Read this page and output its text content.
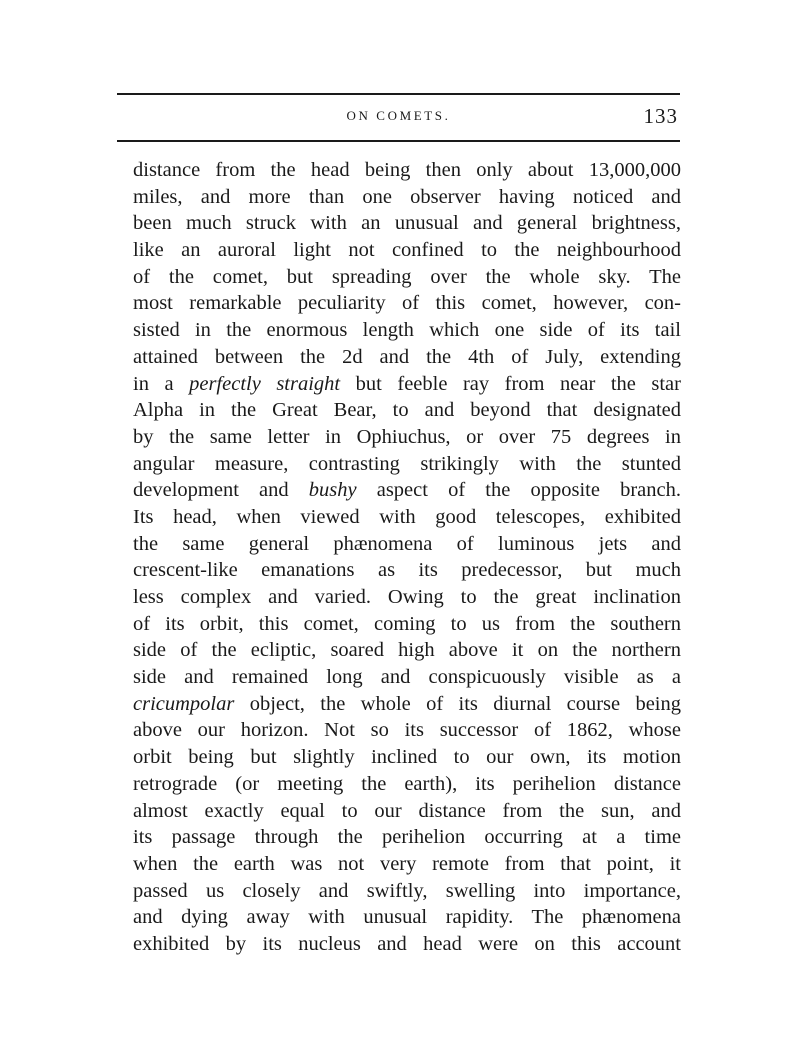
ON COMETS.	133
distance from the head being then only about 13,000,000
miles, and more than one observer having noticed and
been much struck with an unusual and general brightness,
like an auroral light not confined to the neighbourhood
of the comet, but spreading over the whole sky. The
most remarkable peculiarity of this comet, however, con-
sisted in the enormous length which one side of its tail
attained between the 2d and the 4th of July, extending
in a perfectly straight but feeble ray from near the star
Alpha in the Great Bear, to and beyond that designated
by the same letter in Ophiuchus, or over 75 degrees in
angular measure, contrasting strikingly with the stunted
development and bushy aspect of the opposite branch.
Its head, when viewed with good telescopes, exhibited
the same general phænomena of luminous jets and
crescent-like emanations as its predecessor, but much
less complex and varied. Owing to the great inclination
of its orbit, this comet, coming to us from the southern
side of the ecliptic, soared high above it on the northern
side and remained long and conspicuously visible as a
cricumpolar object, the whole of its diurnal course being
above our horizon. Not so its successor of 1862, whose
orbit being but slightly inclined to our own, its motion
retrograde (or meeting the earth), its perihelion distance
almost exactly equal to our distance from the sun, and
its passage through the perihelion occurring at a time
when the earth was not very remote from that point, it
passed us closely and swiftly, swelling into importance,
and dying away with unusual rapidity. The phænomena
exhibited by its nucleus and head were on this account
